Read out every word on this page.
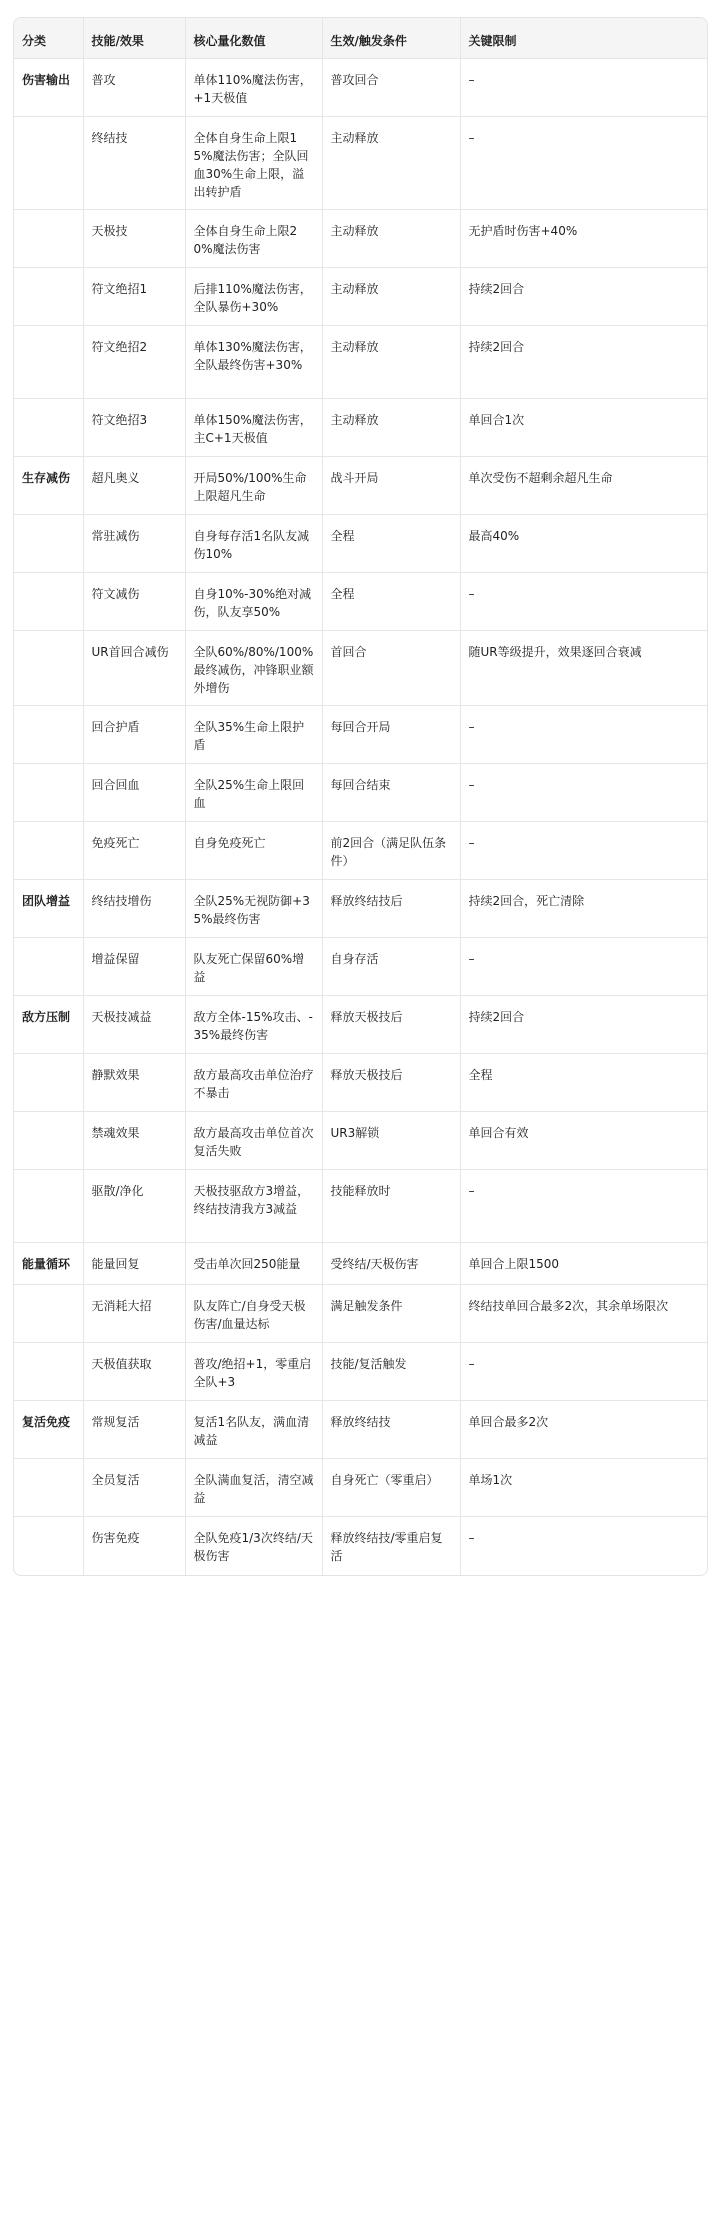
分类	技能/效果	核心量化数值	生效/触发条件	关键限制
伤害输出	普攻	单体110%魔法伤害，+1天极值	普攻回合	–
	终结技	全体自身生命上限15%魔法伤害；全队回血30%生命上限，溢出转护盾	主动释放	–
	天极技	全体自身生命上限20%魔法伤害	主动释放	无护盾时伤害+40%
	符文绝招1	后排110%魔法伤害，全队暴伤+30%	主动释放	持续2回合
	符文绝招2	单体130%魔法伤害，全队最终伤害+30%	主动释放	持续2回合
	符文绝招3	单体150%魔法伤害，主C+1天极值	主动释放	单回合1次
生存减伤	超凡奥义	开局50%/100%生命上限超凡生命	战斗开局	单次受伤不超剩余超凡生命
	常驻减伤	自身每存活1名队友减伤10%	全程	最高40%
	符文减伤	自身10%-30%绝对减伤，队友享50%	全程	–
	UR首回合减伤	全队60%/80%/100%最终减伤，冲锋职业额外增伤	首回合	随UR等级提升，效果逐回合衰减
	回合护盾	全队35%生命上限护盾	每回合开局	–
	回合回血	全队25%生命上限回血	每回合结束	–
	免疫死亡	自身免疫死亡	前2回合（满足队伍条件）	–
团队增益	终结技增伤	全队25%无视防御+35%最终伤害	释放终结技后	持续2回合，死亡清除
	增益保留	队友死亡保留60%增益	自身存活	–
敌方压制	天极技减益	敌方全体-15%攻击、-35%最终伤害	释放天极技后	持续2回合
	静默效果	敌方最高攻击单位治疗不暴击	释放天极技后	全程
	禁魂效果	敌方最高攻击单位首次复活失败	UR3解锁	单回合有效
	驱散/净化	天极技驱敌方3增益，终结技清我方3减益	技能释放时	–
能量循环	能量回复	受击单次回250能量	受终结/天极伤害	单回合上限1500
	无消耗大招	队友阵亡/自身受天极伤害/血量达标	满足触发条件	终结技单回合最多2次，其余单场限次
	天极值获取	普攻/绝招+1，零重启全队+3	技能/复活触发	–
复活免疫	常规复活	复活1名队友，满血清减益	释放终结技	单回合最多2次
	全员复活	全队满血复活，清空减益	自身死亡（零重启）	单场1次
	伤害免疫	全队免疫1/3次终结/天极伤害	释放终结技/零重启复活	–
